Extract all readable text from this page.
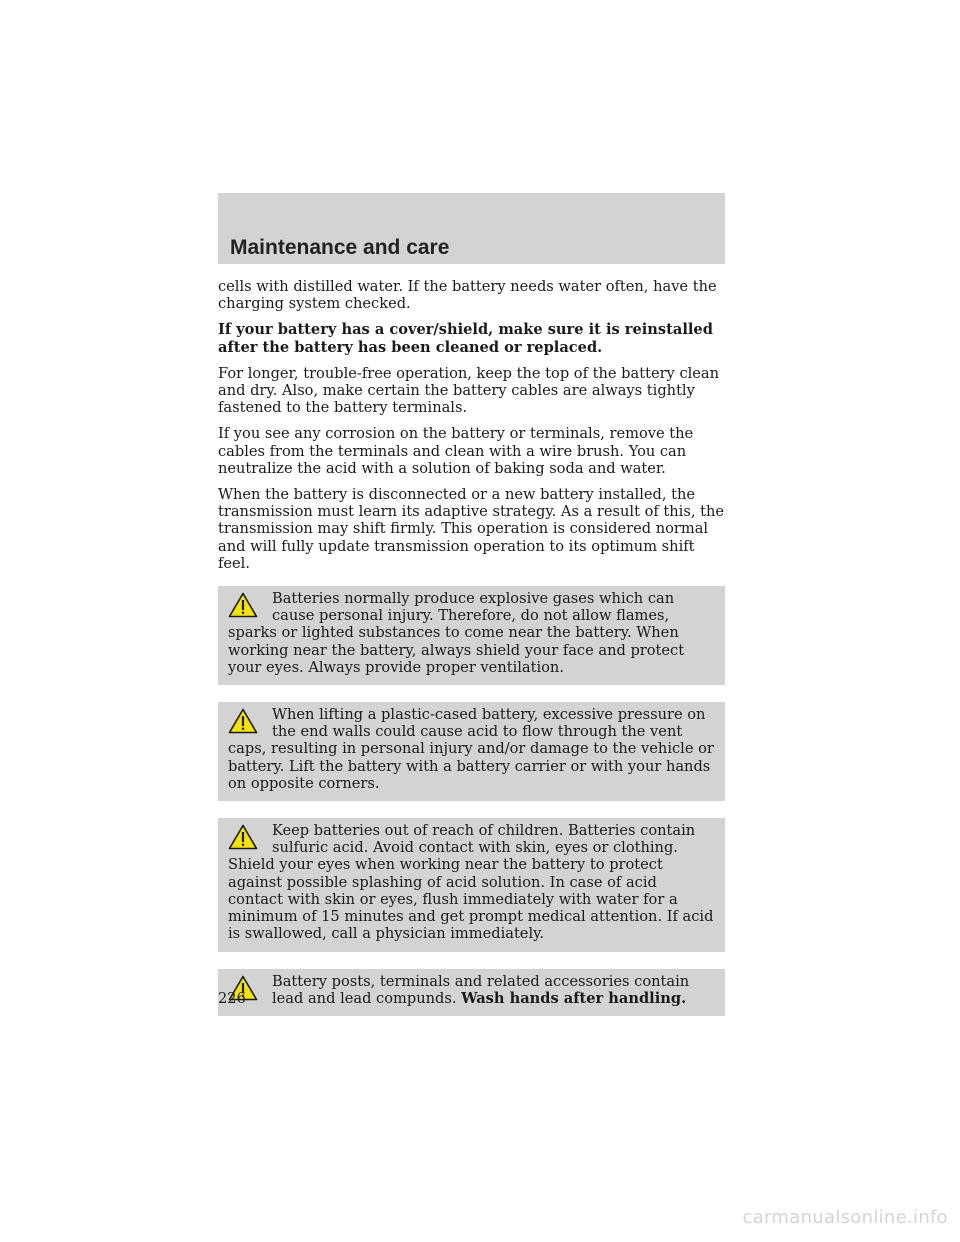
Maintenance and care

cells with distilled water. If the battery needs water often, have the charging system checked.

If your battery has a cover/shield, make sure it is reinstalled after the battery has been cleaned or replaced.

For longer, trouble-free operation, keep the top of the battery clean and dry. Also, make certain the battery cables are always tightly fastened to the battery terminals.

If you see any corrosion on the battery or terminals, remove the cables from the terminals and clean with a wire brush. You can neutralize the acid with a solution of baking soda and water.

When the battery is disconnected or a new battery installed, the transmission must learn its adaptive strategy. As a result of this, the transmission may shift firmly. This operation is considered normal and will fully update transmission operation to its optimum shift feel.

Batteries normally produce explosive gases which can cause personal injury. Therefore, do not allow flames, sparks or lighted substances to come near the battery. When working near the battery, always shield your face and protect your eyes. Always provide proper ventilation.
When lifting a plastic-cased battery, excessive pressure on the end walls could cause acid to flow through the vent caps, resulting in personal injury and/or damage to the vehicle or battery. Lift the battery with a battery carrier or with your hands on opposite corners.
Keep batteries out of reach of children. Batteries contain sulfuric acid. Avoid contact with skin, eyes or clothing. Shield your eyes when working near the battery to protect against possible splashing of acid solution. In case of acid contact with skin or eyes, flush immediately with water for a minimum of 15 minutes and get prompt medical attention. If acid is swallowed, call a physician immediately.
Battery posts, terminals and related accessories contain lead and lead compunds. Wash hands after handling.
226
carmanualsonline.info
